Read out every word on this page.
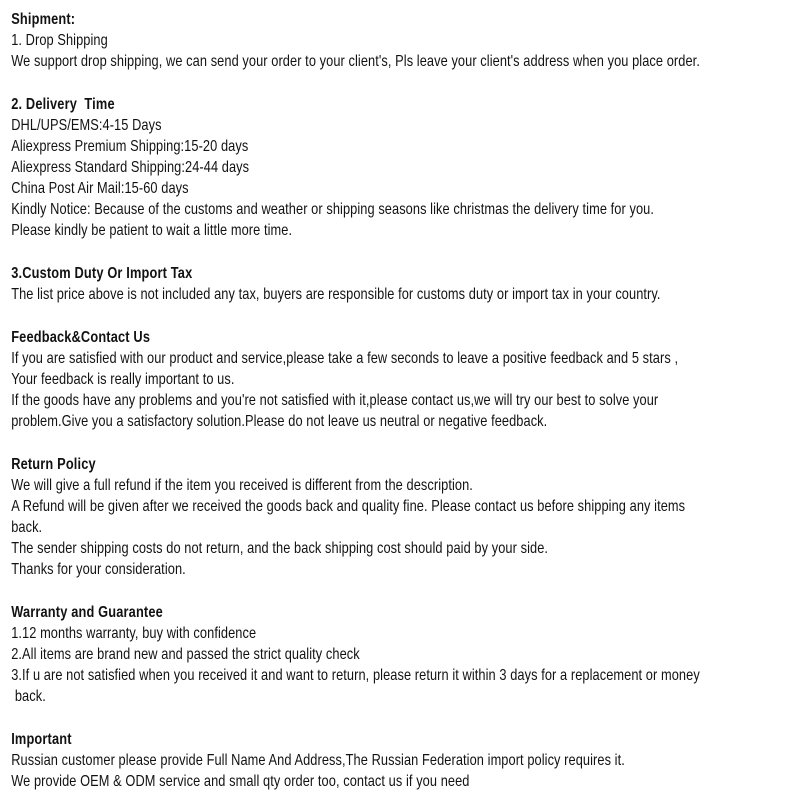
Shipment:
1. Drop Shipping
We support drop shipping, we can send your order to your client's, Pls leave your client's address when you place order.
2. Delivery  Time
DHL/UPS/EMS:4-15 Days
Aliexpress Premium Shipping:15-20 days
Aliexpress Standard Shipping:24-44 days
China Post Air Mail:15-60 days
Kindly Notice: Because of the customs and weather or shipping seasons like christmas the delivery time for you.
Please kindly be patient to wait a little more time.
3.Custom Duty Or Import Tax
The list price above is not included any tax, buyers are responsible for customs duty or import tax in your country.
Feedback&Contact Us
If you are satisfied with our product and service,please take a few seconds to leave a positive feedback and 5 stars ,
Your feedback is really important to us.
If the goods have any problems and you're not satisfied with it,please contact us,we will try our best to solve your
problem.Give you a satisfactory solution.Please do not leave us neutral or negative feedback.
Return Policy
We will give a full refund if the item you received is different from the description.
A Refund will be given after we received the goods back and quality fine. Please contact us before shipping any items
back.
The sender shipping costs do not return, and the back shipping cost should paid by your side.
Thanks for your consideration.
Warranty and Guarantee
1.12 months warranty, buy with confidence
2.All items are brand new and passed the strict quality check
3.If u are not satisfied when you received it and want to return, please return it within 3 days for a replacement or money
back.
Important
Russian customer please provide Full Name And Address,The Russian Federation import policy requires it.
We provide OEM & ODM service and small qty order too, contact us if you need
